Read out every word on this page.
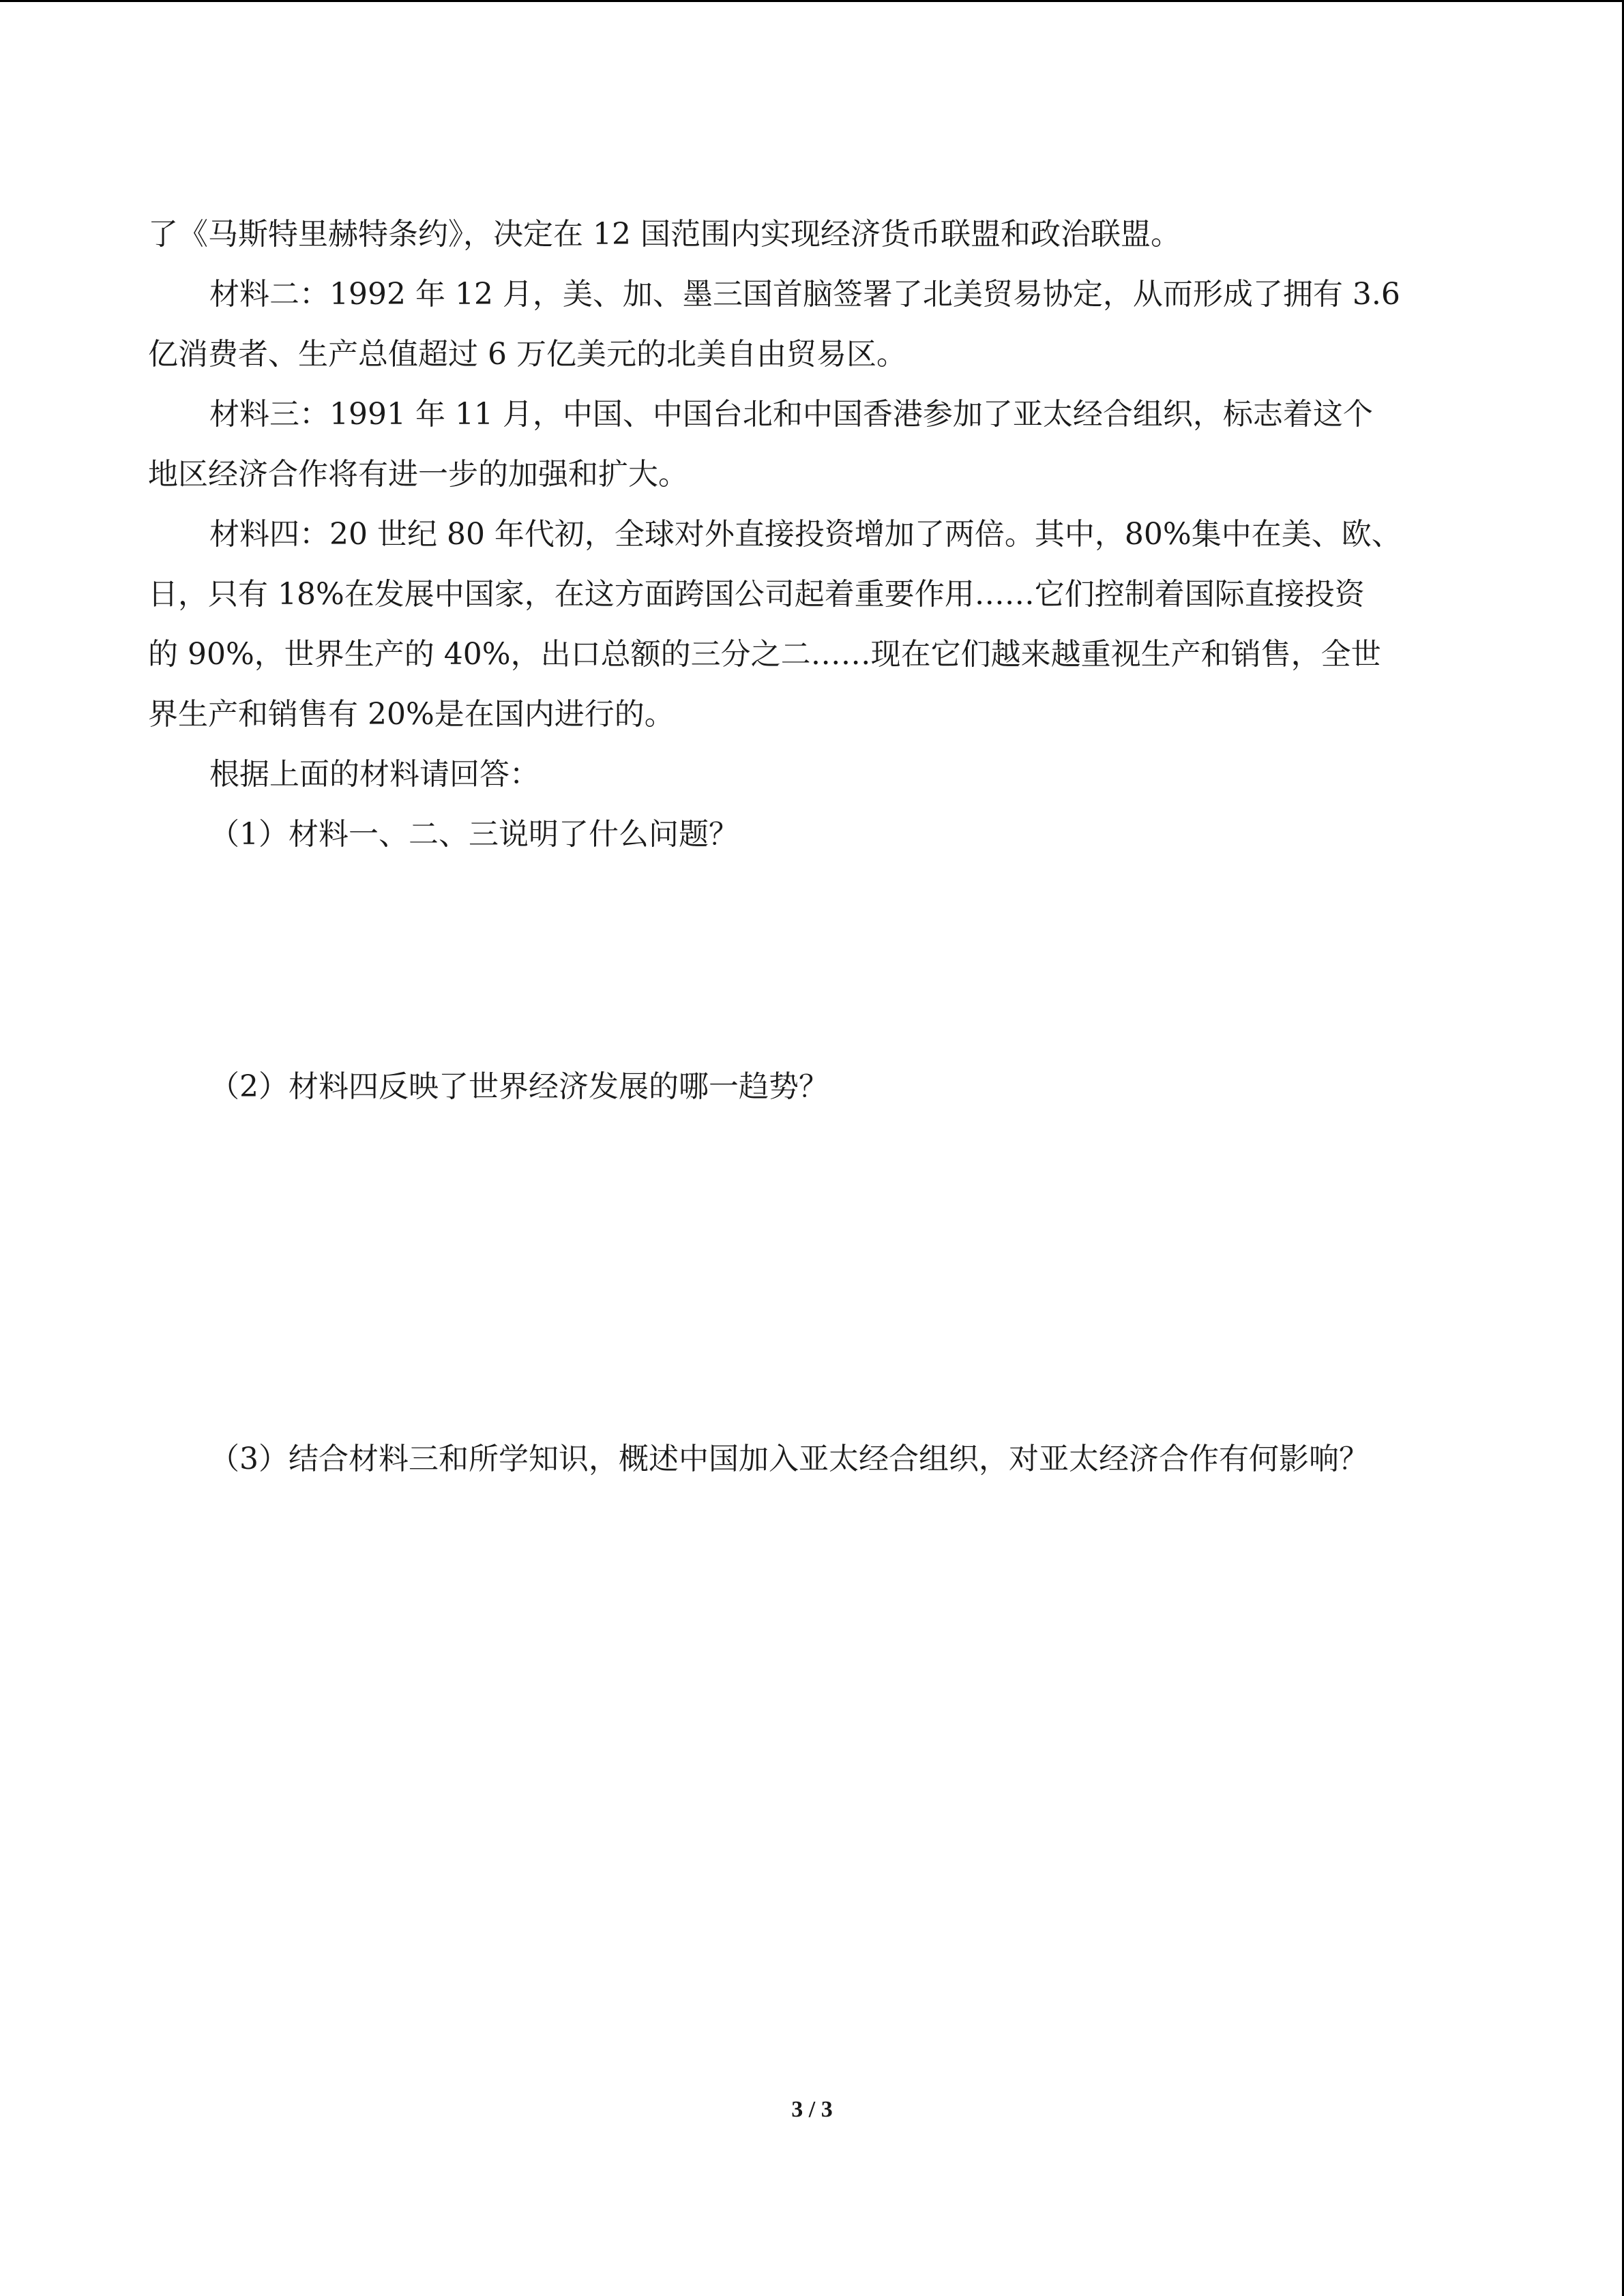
了《马斯特里赫特条约》，决定在 12 国范围内实现经济货币联盟和政治联盟。
材料二：1992 年 12 月，美、加、墨三国首脑签署了北美贸易协定，从而形成了拥有 3.6
亿消费者、生产总值超过 6 万亿美元的北美自由贸易区。
材料三：1991 年 11 月，中国、中国台北和中国香港参加了亚太经合组织，标志着这个
地区经济合作将有进一步的加强和扩大。
材料四：20 世纪 80 年代初，全球对外直接投资增加了两倍。其中，80%集中在美、欧、
日，只有 18%在发展中国家，在这方面跨国公司起着重要作用……它们控制着国际直接投资
的 90%，世界生产的 40%，出口总额的三分之二……现在它们越来越重视生产和销售，全世
界生产和销售有 20%是在国内进行的。
根据上面的材料请回答：
（1）材料一、二、三说明了什么问题？
（2）材料四反映了世界经济发展的哪一趋势？
（3）结合材料三和所学知识，概述中国加入亚太经合组织，对亚太经济合作有何影响？
3 / 3
